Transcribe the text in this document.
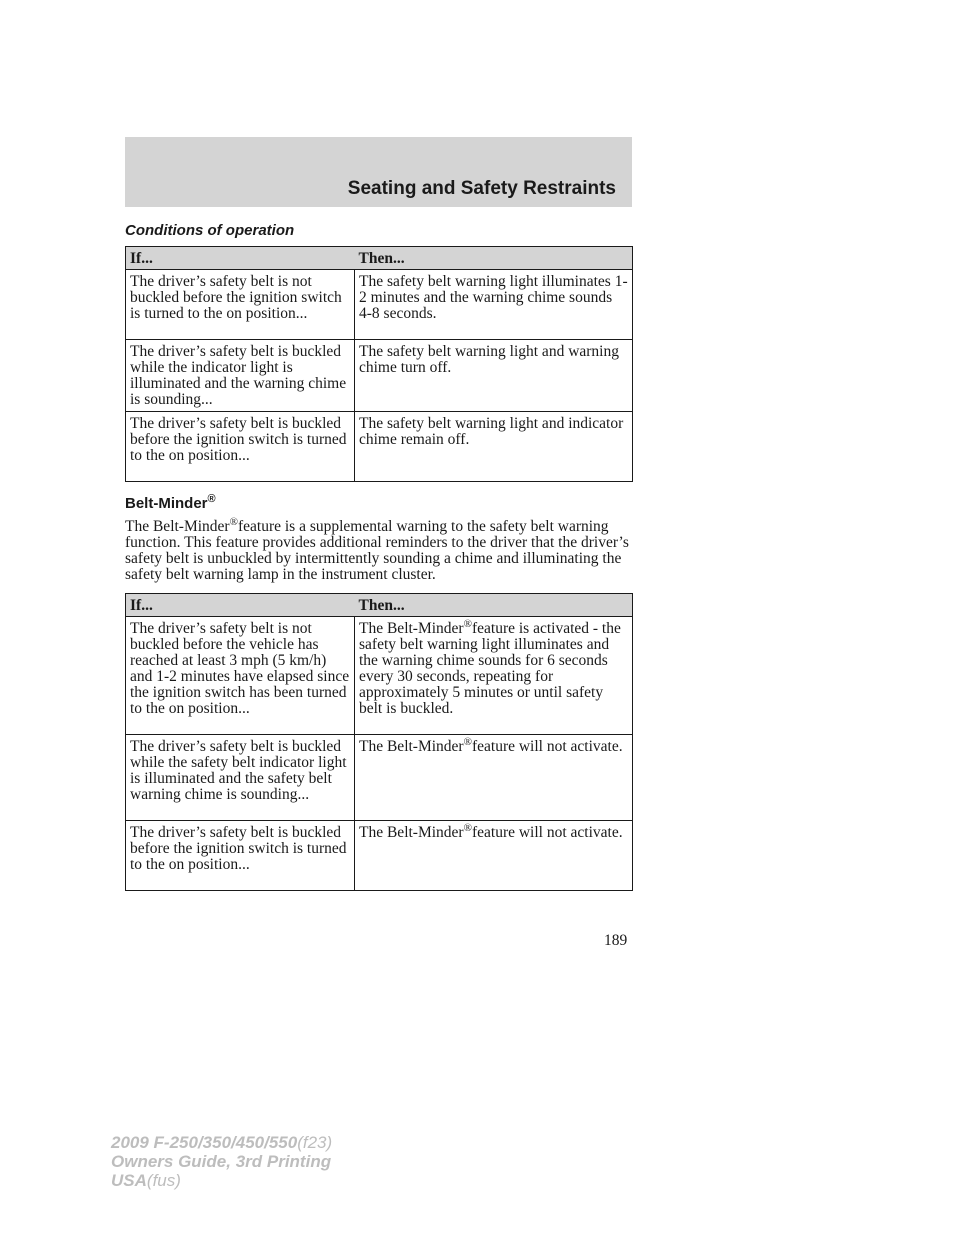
Seating and Safety Restraints
Conditions of operation
If...	Then...
The driver’s safety belt is not buckled before the ignition switch is turned to the on position...	The safety belt warning light illuminates 1-2 minutes and the warning chime sounds 4-8 seconds.
The driver’s safety belt is buckled while the indicator light is illuminated and the warning chime is sounding...	The safety belt warning light and warning chime turn off.
The driver’s safety belt is buckled before the ignition switch is turned to the on position...	The safety belt warning light and indicator chime remain off.
Belt-Minder®

The Belt-Minder®feature is a supplemental warning to the safety belt warning function. This feature provides additional reminders to the driver that the driver’s safety belt is unbuckled by intermittently sounding a chime and illuminating the safety belt warning lamp in the instrument cluster.

If...	Then...
The driver’s safety belt is not buckled before the vehicle has reached at least 3 mph (5 km/h) and 1-2 minutes have elapsed since the ignition switch has been turned to the on position...	The Belt-Minder®feature is activated - the safety belt warning light illuminates and the warning chime sounds for 6 seconds every 30 seconds, repeating for approximately 5 minutes or until safety belt is buckled.
The driver’s safety belt is buckled while the safety belt indicator light is illuminated and the safety belt warning chime is sounding...	The Belt-Minder®feature will not activate.
The driver’s safety belt is buckled before the ignition switch is turned to the on position...	The Belt-Minder®feature will not activate.
189
2009 F-250/350/450/550(f23)
Owners Guide, 3rd Printing
USA(fus)
